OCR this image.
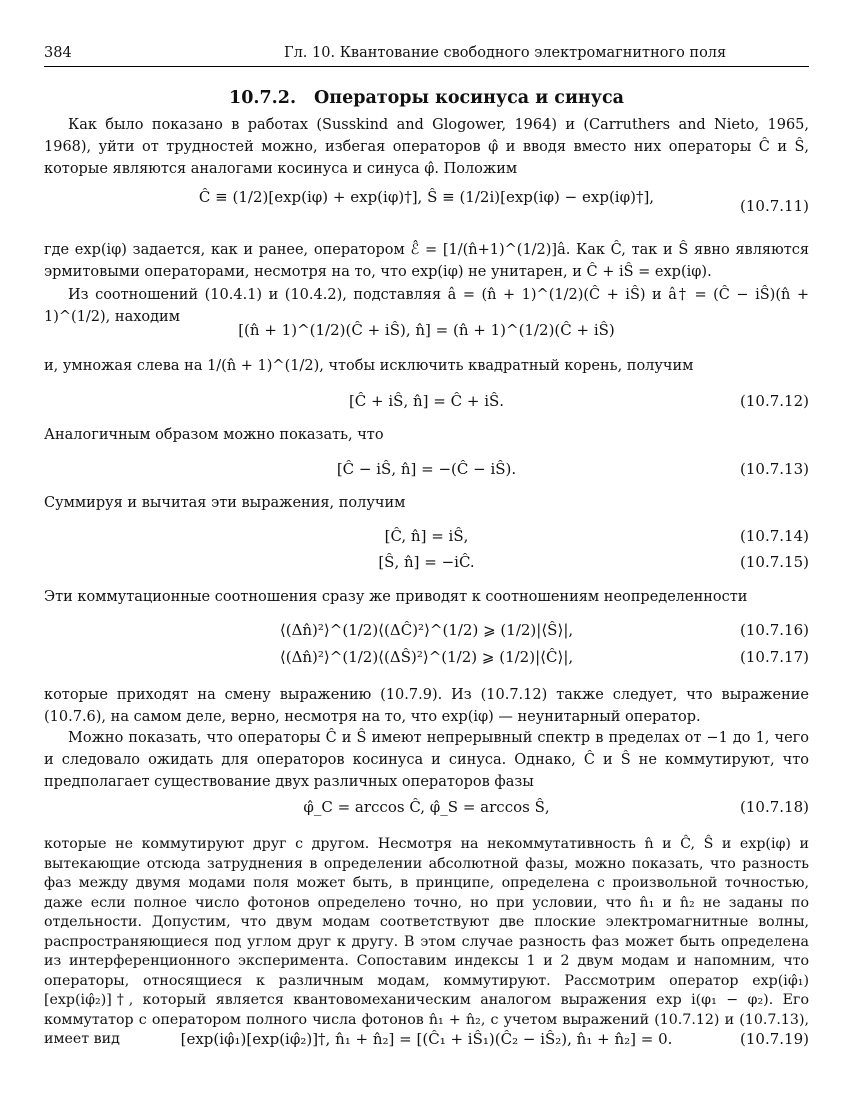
384	Гл. 10. Квантование свободного электромагнитного поля
10.7.2. Операторы косинуса и синуса
Как было показано в работах (Susskind and Glogower, 1964) и (Carruthers and Nieto, 1965, 1968), уйти от трудностей можно, избегая операторов φ̂ и вводя вместо них операторы Ĉ и Ŝ, которые являются аналогами косинуса и синуса φ̂. Положим
Ĉ ≡ (1/2)[exp(iφ) + exp(iφ)†], Ŝ ≡ (1/2i)[exp(iφ) − exp(iφ)†],	(10.7.11)
где exp(iφ) задается, как и ранее, оператором ℰ̂ = [1/(n̂+1)^(1/2)]â. Как Ĉ, так и Ŝ явно являются эрмитовыми операторами, несмотря на то, что exp(iφ) не унитарен, и Ĉ + iŜ = exp(iφ).
Из соотношений (10.4.1) и (10.4.2), подставляя â = (n̂ + 1)^(1/2)(Ĉ + iŜ) и â† = (Ĉ − iŜ)(n̂ + 1)^(1/2), находим
[(n̂ + 1)^(1/2)(Ĉ + iŜ), n̂] = (n̂ + 1)^(1/2)(Ĉ + iŜ)
и, умножая слева на 1/(n̂ + 1)^(1/2), чтобы исключить квадратный корень, получим
[Ĉ + iŜ, n̂] = Ĉ + iŜ.	(10.7.12)
Аналогичным образом можно показать, что
[Ĉ − iŜ, n̂] = −(Ĉ − iŜ).	(10.7.13)
Суммируя и вычитая эти выражения, получим
[Ĉ, n̂] = iŜ,	(10.7.14)
[Ŝ, n̂] = −iĈ.	(10.7.15)
Эти коммутационные соотношения сразу же приводят к соотношениям неопределенности
⟨(Δn̂)²⟩^(1/2)⟨(ΔĈ)²⟩^(1/2) ⩾ (1/2)|⟨Ŝ⟩|,	(10.7.16)
⟨(Δn̂)²⟩^(1/2)⟨(ΔŜ)²⟩^(1/2) ⩾ (1/2)|⟨Ĉ⟩|,	(10.7.17)
которые приходят на смену выражению (10.7.9). Из (10.7.12) также следует, что выражение (10.7.6), на самом деле, верно, несмотря на то, что exp(iφ) — неунитарный оператор.
Можно показать, что операторы Ĉ и Ŝ имеют непрерывный спектр в пределах от −1 до 1, чего и следовало ожидать для операторов косинуса и синуса. Однако, Ĉ и Ŝ не коммутируют, что предполагает существование двух различных операторов фазы
φ̂_C = arccos Ĉ, φ̂_S = arccos Ŝ,	(10.7.18)
которые не коммутируют друг с другом. Несмотря на некоммутативность n̂ и Ĉ, Ŝ и exp(iφ) и вытекающие отсюда затруднения в определении абсолютной фазы, можно показать, что разность фаз между двумя модами поля может быть, в принципе, определена с произвольной точностью, даже если полное число фотонов определено точно, но при условии, что n̂₁ и n̂₂ не заданы по отдельности. Допустим, что двум модам соответствуют две плоские электромагнитные волны, распространяющиеся под углом друг к другу. В этом случае разность фаз может быть определена из интерференционного эксперимента. Сопоставим индексы 1 и 2 двум модам и напомним, что операторы, относящиеся к различным модам, коммутируют. Рассмотрим оператор exp(iφ̂₁)[exp(iφ̂₂)]†, который является квантовомеханическим аналогом выражения exp i(φ₁ − φ₂). Его коммутатор с оператором полного числа фотонов n̂₁ + n̂₂, с учетом выражений (10.7.12) и (10.7.13), имеет вид	[exp(iφ̂₁)[exp(iφ̂₂)]†, n̂₁ + n̂₂] = [(Ĉ₁ + iŜ₁)(Ĉ₂ − iŜ₂), n̂₁ + n̂₂] = 0.	(10.7.19)
